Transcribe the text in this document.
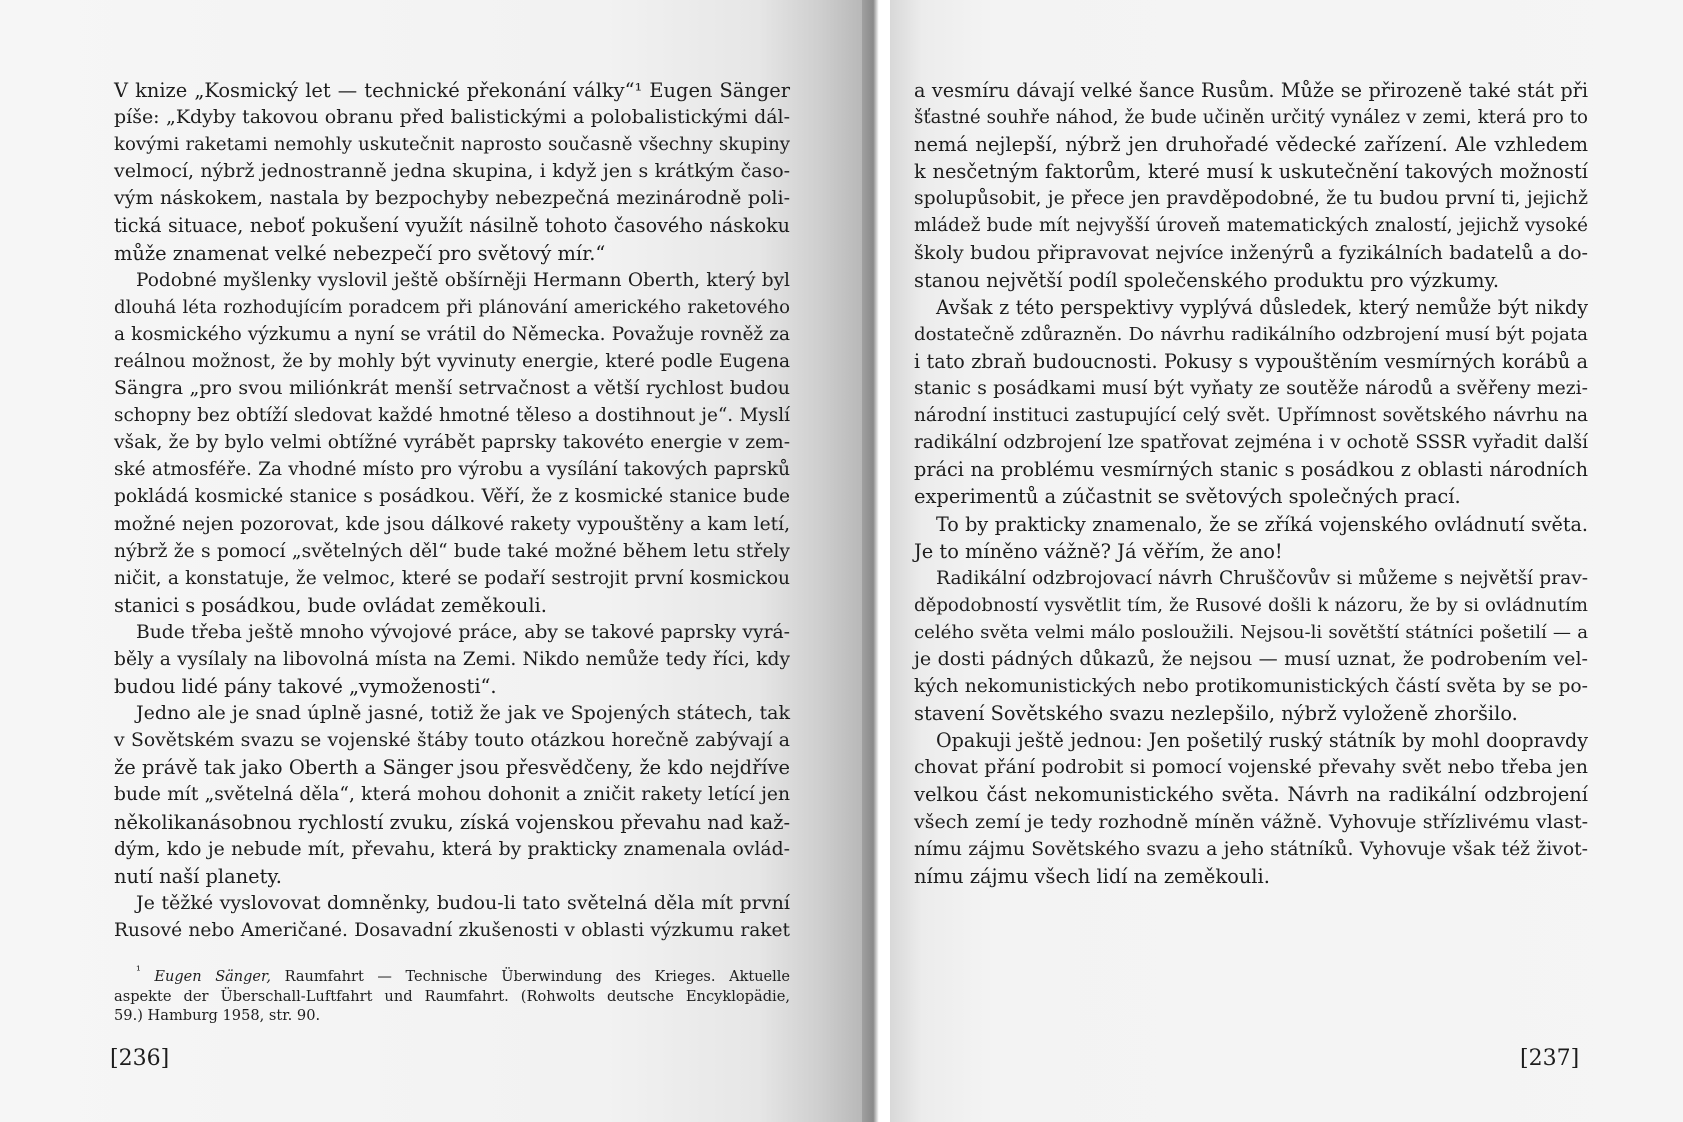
V knize „Kosmický let — technické překonání války“¹ Eugen Sänger
píše: „Kdyby takovou obranu před balistickými a polobalistickými dál-
kovými raketami nemohly uskutečnit naprosto současně všechny skupiny
velmocí, nýbrž jednostranně jedna skupina, i když jen s krátkým časo-
vým náskokem, nastala by bezpochyby nebezpečná mezinárodně poli-
tická situace, neboť pokušení využít násilně tohoto časového náskoku
může znamenat velké nebezpečí pro světový mír.“
Podobné myšlenky vyslovil ještě obšírněji Hermann Oberth, který byl
dlouhá léta rozhodujícím poradcem při plánování amerického raketového
a kosmického výzkumu a nyní se vrátil do Německa. Považuje rovněž za
reálnou možnost, že by mohly být vyvinuty energie, které podle Eugena
Sängra „pro svou miliónkrát menší setrvačnost a větší rychlost budou
schopny bez obtíží sledovat každé hmotné těleso a dostihnout je“. Myslí
však, že by bylo velmi obtížné vyrábět paprsky takovéto energie v zem-
ské atmosféře. Za vhodné místo pro výrobu a vysílání takových paprsků
pokládá kosmické stanice s posádkou. Věří, že z kosmické stanice bude
možné nejen pozorovat, kde jsou dálkové rakety vypouštěny a kam letí,
nýbrž že s pomocí „světelných děl“ bude také možné během letu střely
ničit, a konstatuje, že velmoc, které se podaří sestrojit první kosmickou
stanici s posádkou, bude ovládat zeměkouli.
Bude třeba ještě mnoho vývojové práce, aby se takové paprsky vyrá-
běly a vysílaly na libovolná místa na Zemi. Nikdo nemůže tedy říci, kdy
budou lidé pány takové „vymoženosti“.
Jedno ale je snad úplně jasné, totiž že jak ve Spojených státech, tak
v Sovětském svazu se vojenské štáby touto otázkou horečně zabývají a
že právě tak jako Oberth a Sänger jsou přesvědčeny, že kdo nejdříve
bude mít „světelná děla“, která mohou dohonit a zničit rakety letící jen
několikanásobnou rychlostí zvuku, získá vojenskou převahu nad kaž-
dým, kdo je nebude mít, převahu, která by prakticky znamenala ovlád-
nutí naší planety.
Je těžké vyslovovat domněnky, budou-li tato světelná děla mít první
Rusové nebo Američané. Dosavadní zkušenosti v oblasti výzkumu raket
$^{^1}$ Eugen Sänger, Raumfahrt — Technische Überwindung des Krieges. Aktuelle
aspekte der Überschall-Luftfahrt und Raumfahrt. (Rohwolts deutsche Encyklopädie,
59.) Hamburg 1958, str. 90.
[236]
a vesmíru dávají velké šance Rusům. Může se přirozeně také stát při
šťastné souhře náhod, že bude učiněn určitý vynález v zemi, která pro to
nemá nejlepší, nýbrž jen druhořadé vědecké zařízení. Ale vzhledem
k nesčetným faktorům, které musí k uskutečnění takových možností
spolupůsobit, je přece jen pravděpodobné, že tu budou první ti, jejichž
mládež bude mít nejvyšší úroveň matematických znalostí, jejichž vysoké
školy budou připravovat nejvíce inženýrů a fyzikálních badatelů a do-
stanou největší podíl společenského produktu pro výzkumy.
Avšak z této perspektivy vyplývá důsledek, který nemůže být nikdy
dostatečně zdůrazněn. Do návrhu radikálního odzbrojení musí být pojata
i tato zbraň budoucnosti. Pokusy s vypouštěním vesmírných korábů a
stanic s posádkami musí být vyňaty ze soutěže národů a svěřeny mezi-
národní instituci zastupující celý svět. Upřímnost sovětského návrhu na
radikální odzbrojení lze spatřovat zejména i v ochotě SSSR vyřadit další
práci na problému vesmírných stanic s posádkou z oblasti národních
experimentů a zúčastnit se světových společných prací.
To by prakticky znamenalo, že se zříká vojenského ovládnutí světa.
Je to míněno vážně? Já věřím, že ano!
Radikální odzbrojovací návrh Chruščovův si můžeme s největší prav-
děpodobností vysvětlit tím, že Rusové došli k názoru, že by si ovládnutím
celého světa velmi málo posloužili. Nejsou-li sovětští státníci pošetilí — a
je dosti pádných důkazů, že nejsou — musí uznat, že podrobením vel-
kých nekomunistických nebo protikomunistických částí světa by se po-
stavení Sovětského svazu nezlepšilo, nýbrž vyloženě zhoršilo.
Opakuji ještě jednou: Jen pošetilý ruský státník by mohl doopravdy
chovat přání podrobit si pomocí vojenské převahy svět nebo třeba jen
velkou část nekomunistického světa. Návrh na radikální odzbrojení
všech zemí je tedy rozhodně míněn vážně. Vyhovuje střízlivému vlast-
nímu zájmu Sovětského svazu a jeho státníků. Vyhovuje však též život-
nímu zájmu všech lidí na zeměkouli.
[237]
